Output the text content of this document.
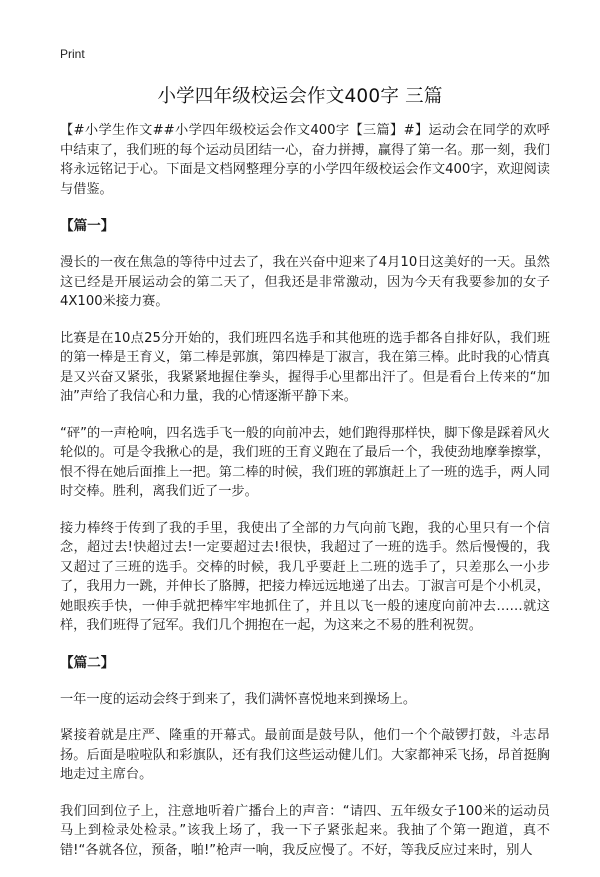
Print
小学四年级校运会作文400字 三篇

【#小学生作文##小学四年级校运会作文400字【三篇】#】运动会在同学的欢呼中结束了，我们班的每个运动员团结一心，奋力拼搏，赢得了第一名。那一刻，我们将永远铭记于心。下面是文档网整理分享的小学四年级校运会作文400字，欢迎阅读与借鉴。

【篇一】

漫长的一夜在焦急的等待中过去了，我在兴奋中迎来了4月10日这美好的一天。虽然这已经是开展运动会的第二天了，但我还是非常激动，因为今天有我要参加的女子4X100米接力赛。

比赛是在10点25分开始的，我们班四名选手和其他班的选手都各自排好队，我们班的第一棒是王育义，第二棒是郭旗，第四棒是丁淑言，我在第三棒。此时我的心情真是又兴奋又紧张，我紧紧地握住拳头，握得手心里都出汗了。但是看台上传来的“加油”声给了我信心和力量，我的心情逐渐平静下来。

“砰”的一声枪响，四名选手飞一般的向前冲去，她们跑得那样快，脚下像是踩着风火轮似的。可是令我揪心的是，我们班的王育义跑在了最后一个，我使劲地摩拳擦掌，恨不得在她后面推上一把。第二棒的时候，我们班的郭旗赶上了一班的选手，两人同时交棒。胜利，离我们近了一步。

接力棒终于传到了我的手里，我使出了全部的力气向前飞跑，我的心里只有一个信念，超过去!快超过去!一定要超过去!很快，我超过了一班的选手。然后慢慢的，我又超过了三班的选手。交棒的时候，我几乎要赶上二班的选手了，只差那么一小步了，我用力一跳，并伸长了胳膊，把接力棒远远地递了出去。丁淑言可是个小机灵，她眼疾手快，一伸手就把棒牢牢地抓住了，并且以飞一般的速度向前冲去……就这样，我们班得了冠军。我们几个拥抱在一起，为这来之不易的胜利祝贺。

【篇二】

一年一度的运动会终于到来了，我们满怀喜悦地来到操场上。

紧接着就是庄严、隆重的开幕式。最前面是鼓号队，他们一个个敲锣打鼓，斗志昂扬。后面是啦啦队和彩旗队，还有我们这些运动健儿们。大家都神采飞扬，昂首挺胸地走过主席台。

我们回到位子上，注意地听着广播台上的声音：“请四、五年级女子100米的运动员马上到检录处检录。”该我上场了，我一下子紧张起来。我抽了个第一跑道，真不错!“各就各位，预备，啪!”枪声一响，我反应慢了。不好，等我反应过来时，别人
